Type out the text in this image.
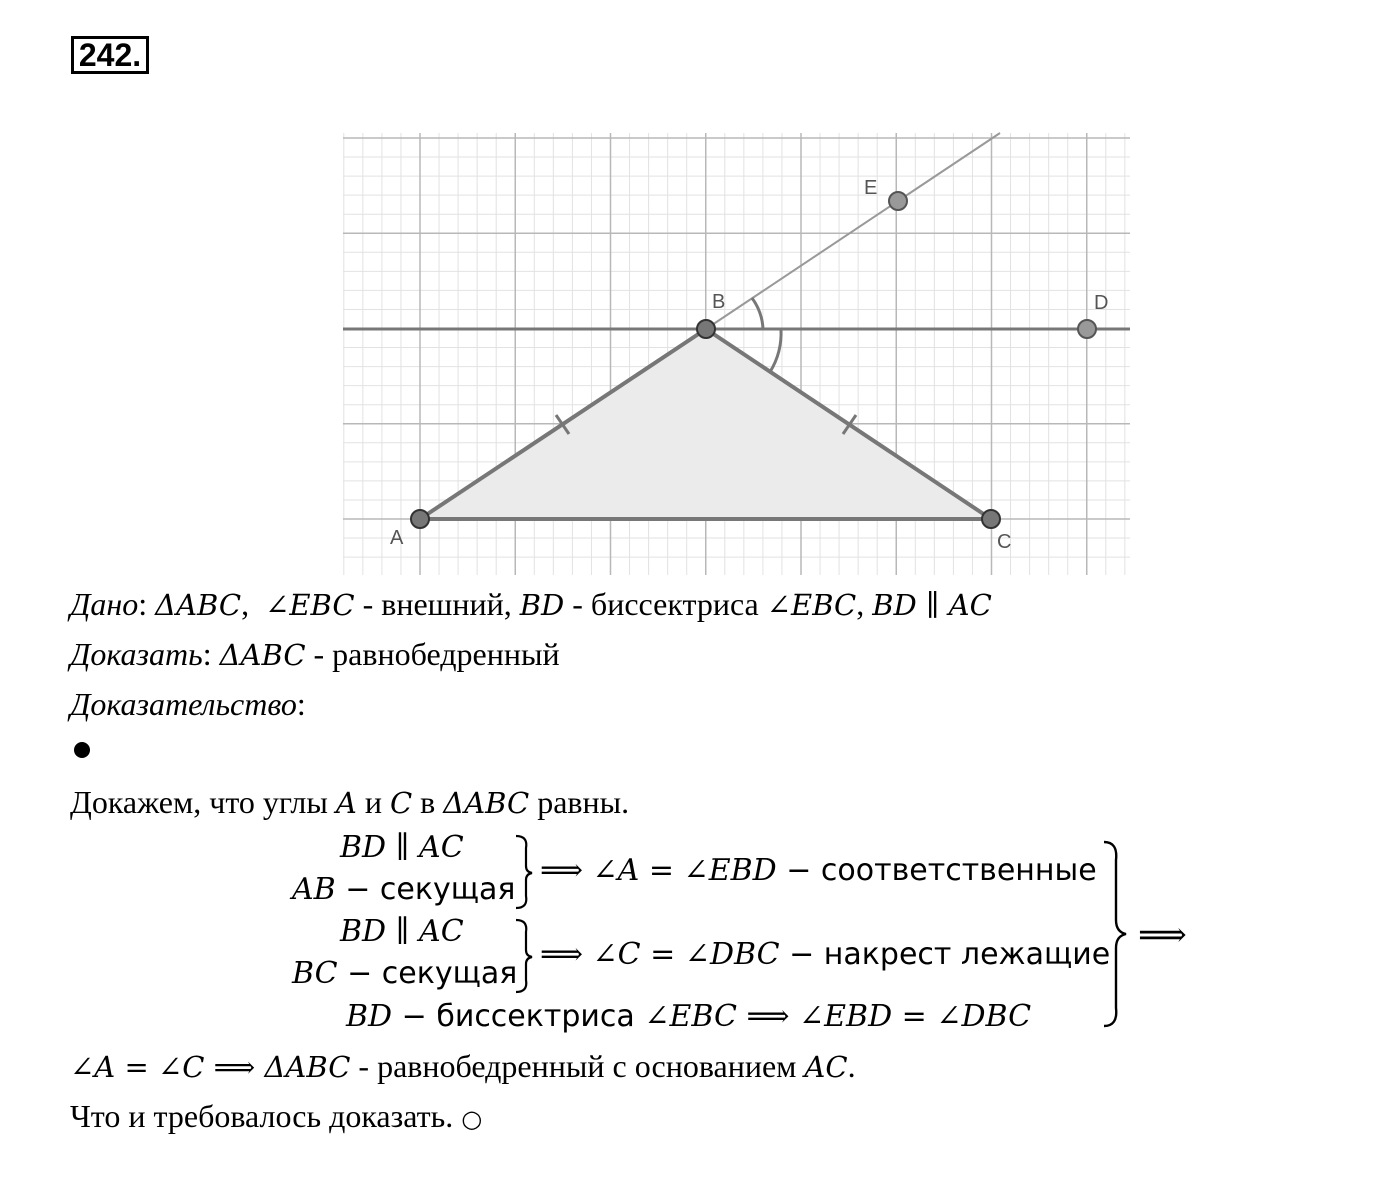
242.
A
B
C
D
E
Дано: ΔABC,  ∠EBC - внешний, BD - биссектриса ∠EBC, BD ∥ AC
Доказать: ΔABC - равнобедренный
Доказательство:
Докажем, что углы A и C в ΔABC равны.
BD ∥ AC
AB − секущая
⟹ ∠A = ∠EBD − соответственные
BD ∥ AC
BC − секущая
⟹ ∠C = ∠DBC − накрест лежащие
BD − биссектриса ∠EBC ⟹ ∠EBD = ∠DBC
⟹
∠A = ∠C ⟹ ΔABC - равнобедренный с основанием AC.
Что и требовалось доказать. ○
